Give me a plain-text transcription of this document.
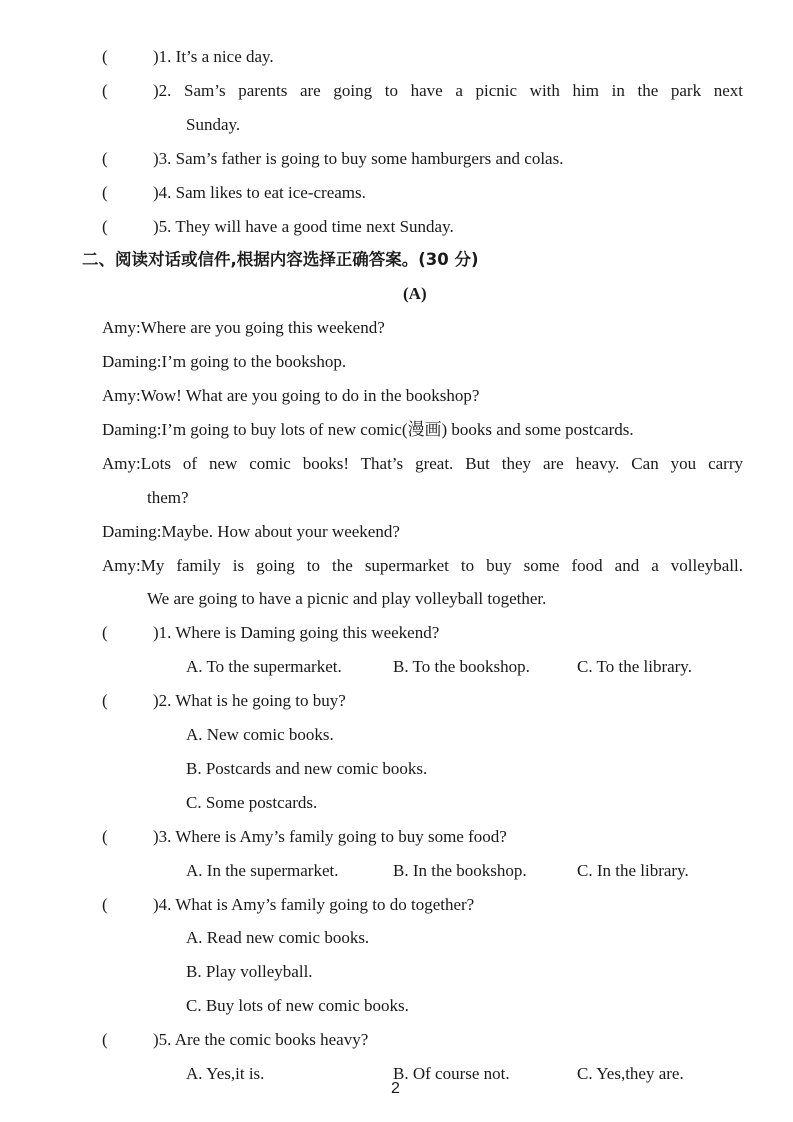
(	)1. It’s a nice day.
(	)2. Sam’s parents are going to have a picnic with him in the park next
Sunday.
(	)3. Sam’s father is going to buy some hamburgers and colas.
(	)4. Sam likes to eat ice-creams.
(	)5. They will have a good time next Sunday.
二、阅读对话或信件,根据内容选择正确答案。(30 分)
(A)
Amy:Where are you going this weekend?
Daming:I’m going to the bookshop.
Amy:Wow! What are you going to do in the bookshop?
Daming:I’m going to buy lots of new comic(漫画) books and some postcards.
Amy:Lots of new comic books! That’s great. But they are heavy. Can you carry
them?
Daming:Maybe. How about your weekend?
Amy:My family is going to the supermarket to buy some food and a volleyball.
We are going to have a picnic and play volleyball together.
(	)1. Where is Daming going this weekend?
A. To the supermarket.	B. To the bookshop.	C. To the library.
(	)2. What is he going to buy?
A. New comic books.
B. Postcards and new comic books.
C. Some postcards.
(	)3. Where is Amy’s family going to buy some food?
A. In the supermarket.	B. In the bookshop.	C. In the library.
(	)4. What is Amy’s family going to do together?
A. Read new comic books.
B. Play volleyball.
C. Buy lots of new comic books.
(	)5. Are the comic books heavy?
A. Yes,it is.	B. Of course not.	C. Yes,they are.
2
